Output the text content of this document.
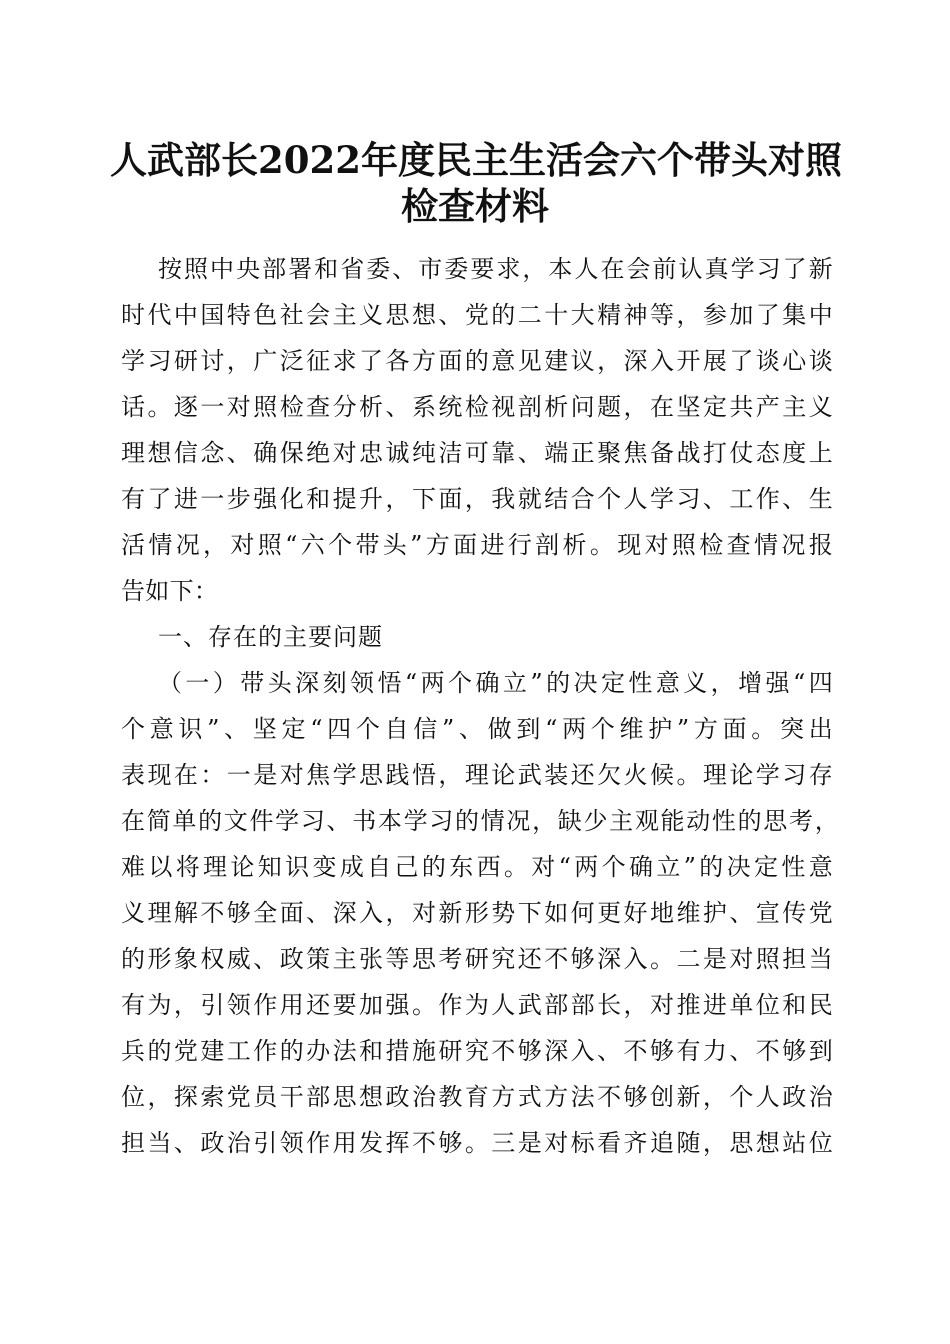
人武部长2022年度民主生活会六个带头对照
检查材料
按照中央部署和省委、市委要求，本人在会前认真学习了新
时代中国特色社会主义思想、党的二十大精神等，参加了集中
学习研讨，广泛征求了各方面的意见建议，深入开展了谈心谈
话。逐一对照检查分析、系统检视剖析问题，在坚定共产主义
理想信念、确保绝对忠诚纯洁可靠、端正聚焦备战打仗态度上
有了进一步强化和提升，下面，我就结合个人学习、工作、生
活情况，对照“六个带头”方面进行剖析。现对照检查情况报
告如下：
一、存在的主要问题
（一）带头深刻领悟“两个确立”的决定性意义，增强“四
个意识”、坚定“四个自信”、做到“两个维护”方面。突出
表现在：一是对焦学思践悟，理论武装还欠火候。理论学习存
在简单的文件学习、书本学习的情况，缺少主观能动性的思考，
难以将理论知识变成自己的东西。对“两个确立”的决定性意
义理解不够全面、深入，对新形势下如何更好地维护、宣传党
的形象权威、政策主张等思考研究还不够深入。二是对照担当
有为，引领作用还要加强。作为人武部部长，对推进单位和民
兵的党建工作的办法和措施研究不够深入、不够有力、不够到
位，探索党员干部思想政治教育方式方法不够创新，个人政治
担当、政治引领作用发挥不够。三是对标看齐追随，思想站位
